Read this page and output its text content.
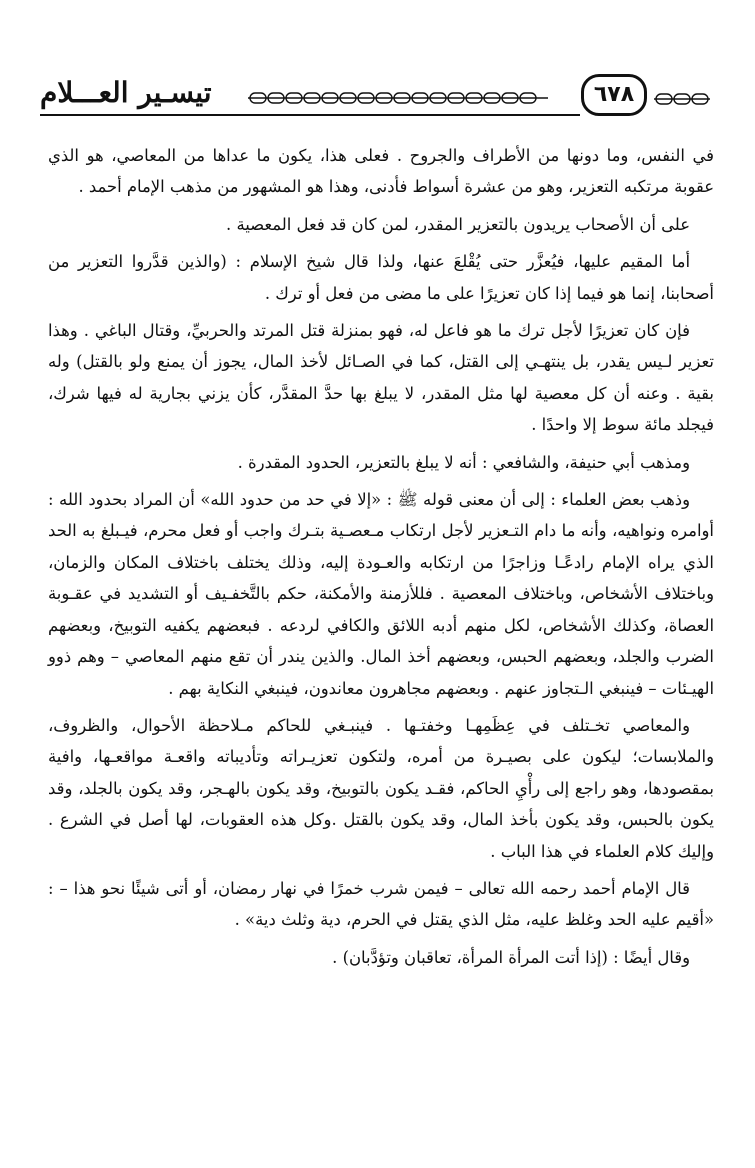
تيسـير العـــلام	٦٧٨

في النفس، وما دونها من الأطراف والجروح . فعلى هذا، يكون ما عداها من المعاصي، هو الذي عقوبة مرتكبه التعزير، وهو من عشرة أسواط فأدنى، وهذا هو المشهور من مذهب الإمام أحمد .

على أن الأصحاب يريدون بالتعزير المقدر، لمن كان قد فعل المعصية .

أما المقيم عليها، فيُعزَّر حتى يُقْلعَ عنها، ولذا قال شيخ الإسلام : (والذين قدَّروا التعزير من أصحابنا، إنما هو فيما إذا كان تعزيرًا على ما مضى من فعل أو ترك .

فإن كان تعزيرًا لأجل ترك ما هو فاعل له، فهو بمنزلة قتل المرتد والحربيِّ، وقتال الباغي . وهذا تعزير لـيس يقدر، بل ينتهـي إلى القتل، كما في الصـائل لأخذ المال، يجوز أن يمنع ولو بالقتل) وله بقية . وعنه أن كل معصية لها مثل المقدر، لا يبلغ بها حدَّ المقدَّر، كأن يزني بجارية له فيها شرك، فيجلد مائة سوط إلا واحدًا .

ومذهب أبي حنيفة، والشافعي : أنه لا يبلغ بالتعزير، الحدود المقدرة .

وذهب بعض العلماء : إلى أن معنى قوله ﷺ : «إلا في حد من حدود الله» أن المراد بحدود الله : أوامره ونواهيه، وأنه ما دام التـعزير لأجل ارتكاب مـعصـية بتـرك واجب أو فعل محرم، فيـبلغ به الحد الذي يراه الإمام رادعًـا وزاجرًا من ارتكابه والعـودة إليه، وذلك يختلف باختلاف المكان والزمان، وباختلاف الأشخاص، وباختلاف المعصية . فللأزمنة والأمكنة، حكم بالتَّخفـيف أو التشديد في عقـوبة العصاة، وكذلك الأشخاص، لكل منهم أدبه اللائق والكافي لردعه . فبعضهم يكفيه التوبيخ، وبعضهم الضرب والجلد، وبعضهم الحبس، وبعضهم أخذ المال. والذين يندر أن تقع منهم المعاصي – وهم ذوو الهيـئات – فينبغي الـتجاوز عنهم . وبعضهم مجاهرون معاندون، فينبغي النكاية بهم .

والمعاصي تخـتلف في عِظَمِهـا وخفتـها . فينبـغي للحاكم مـلاحظة الأحوال، والظروف، والملابسات؛ ليكون على بصيـرة من أمره، ولتكون تعزيـراته وتأديباته واقعـة مواقعـها، وافية بمقصودها، وهو راجع إلى رأْيِ الحاكم، فقـد يكون بالتوبيخ، وقد يكون بالهـجر، وقد يكون بالجلد، وقد يكون بالحبس، وقد يكون بأخذ المال، وقد يكون بالقتل .وكل هذه العقوبات، لها أصل في الشرع . وإليك كلام العلماء في هذا الباب .

قال الإمام أحمد رحمه الله تعالى – فيمن شرب خمرًا في نهار رمضان، أو أتى شيئًا نحو هذا – : «أقيم عليه الحد وغلظ عليه، مثل الذي يقتل في الحرم، دية وثلث دية» .

وقال أيضًا : (إذا أتت المرأة المرأة، تعاقبان وتؤدَّبان) .
